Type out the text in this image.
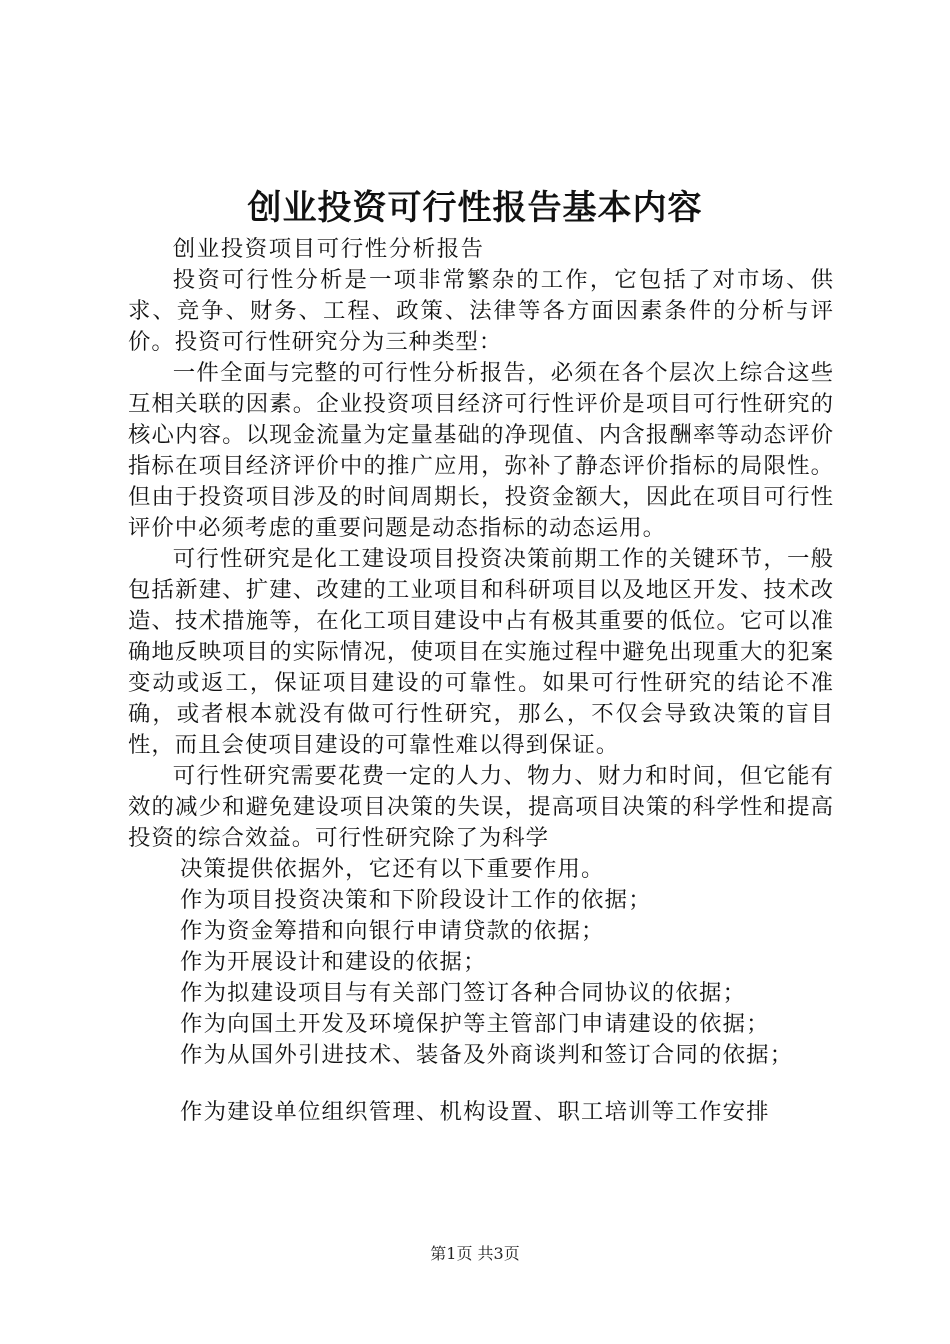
创业投资可行性报告基本内容

创业投资项目可行性分析报告

投资可行性分析是一项非常繁杂的工作，它包括了对市场、供求、竞争、财务、工程、政策、法律等各方面因素条件的分析与评价。投资可行性研究分为三种类型：

一件全面与完整的可行性分析报告，必须在各个层次上综合这些互相关联的因素。企业投资项目经济可行性评价是项目可行性研究的核心内容。以现金流量为定量基础的净现值、内含报酬率等动态评价指标在项目经济评价中的推广应用，弥补了静态评价指标的局限性。但由于投资项目涉及的时间周期长，投资金额大，因此在项目可行性评价中必须考虑的重要问题是动态指标的动态运用。

可行性研究是化工建设项目投资决策前期工作的关键环节，一般包括新建、扩建、改建的工业项目和科研项目以及地区开发、技术改造、技术措施等，在化工项目建设中占有极其重要的低位。它可以准确地反映项目的实际情况，使项目在实施过程中避免出现重大的犯案变动或返工，保证项目建设的可靠性。如果可行性研究的结论不准确，或者根本就没有做可行性研究，那么，不仅会导致决策的盲目性，而且会使项目建设的可靠性难以得到保证。

可行性研究需要花费一定的人力、物力、财力和时间，但它能有效的减少和避免建设项目决策的失误，提高项目决策的科学性和提高投资的综合效益。可行性研究除了为科学

决策提供依据外，它还有以下重要作用。

作为项目投资决策和下阶段设计工作的依据；

作为资金筹措和向银行申请贷款的依据；

作为开展设计和建设的依据；

作为拟建设项目与有关部门签订各种合同协议的依据；

作为向国土开发及环境保护等主管部门申请建设的依据；

作为从国外引进技术、装备及外商谈判和签订合同的依据；

作为建设单位组织管理、机构设置、职工培训等工作安排

第1页 共3页
